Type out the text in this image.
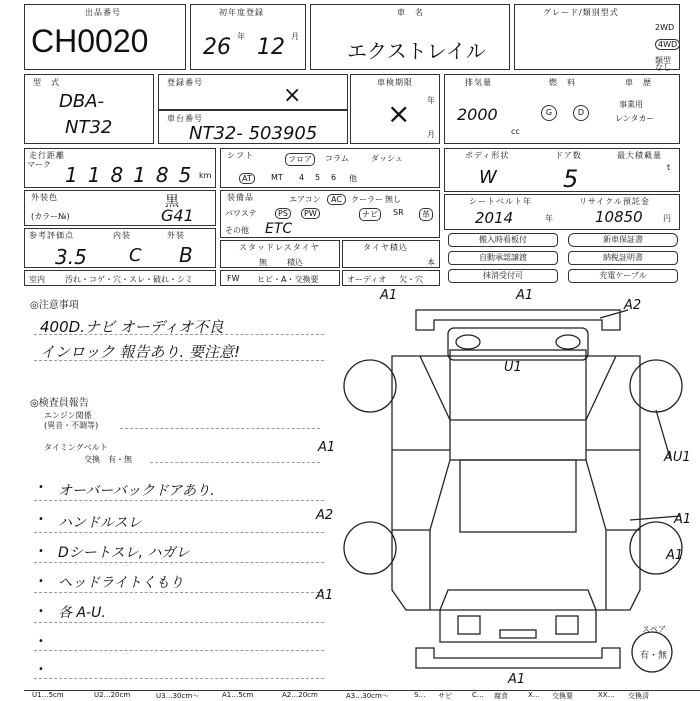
出品番号
CH0020
初年度登録
26 年 12 月
車　名
エクストレイル
グレード/類別型式
2WD
4WD
類型なし
型　式
DBA-
NT32
登録番号
×
車台番号
NT32- 503905
車検期限
× 年
月
排気量	燃　料	車　歴
2000
cc
G	D
事業用
レンタカー
走行距離
マーク 118185
km
シフト	フロア	コラム	ダッシュ
AT	MT 4 5 6 他
ボディ形状	ドア数	最大積載量
W	5	t
外装色
(カラー№)
黒
G41
装備品	エアコン	AC	クーラー 無し
パワステ	PS	PW	ナビ	SR	革
その他 ETC
シートベルト年	リサイクル預託金
2014	年	10850	円
参考評価点	内装	外装
3.5 C B	スタッドレスタイヤ
無	積込
タイヤ積込
本
搬入時看板付
自動承認譲渡
抹消受付可
新車保証書
納税証明書
充電ケーブル
室内	汚れ・コゲ・穴・スレ・破れ・シミ	FW ヒビ・A・交換要	オーディオ 欠・穴
◎注意事項
400D.ナビ オーディオ不良
インロック 報告あり. 要注意!
◎検査員報告
エンジン関係
(異音・不調等)
タイミングベルト
交換　有・無
• オーバーバックドアあり.
• ハンドルスレ
• Dシートスレ, ハガレ
• ヘッドライトくもり
• 各 A-U.
•
•
A1	A1
A2
U1
A1
A2
A1
AU1
A1
A1
A1
スペア
有・無
U1…5cm	U2…20cm	U3…30cm〜	A1…5cm	A2…20cm	A3…30cm〜	S… サビ	C… 腐食	X… 交換要	XX… 交換済
